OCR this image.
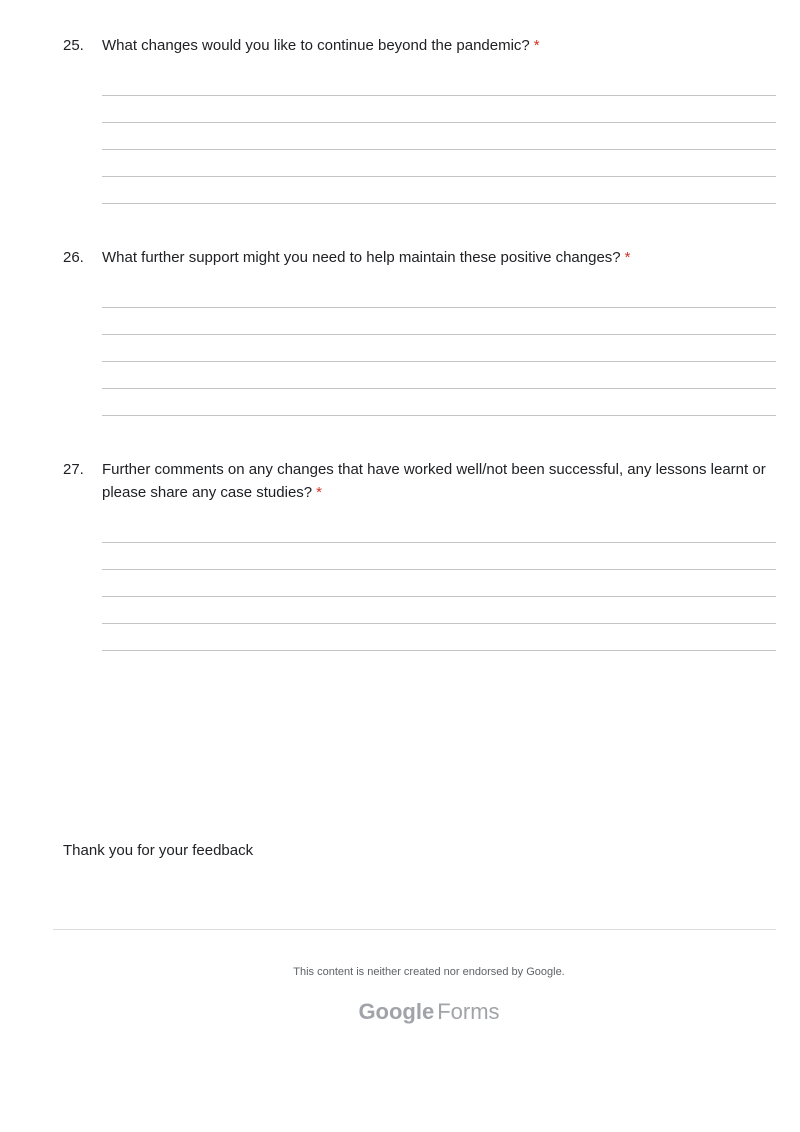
25. What changes would you like to continue beyond the pandemic? *
26. What further support might you need to help maintain these positive changes? *
27. Further comments on any changes that have worked well/not been successful, any lessons learnt or please share any case studies? *
Thank you for your feedback
This content is neither created nor endorsed by Google.
Google Forms
